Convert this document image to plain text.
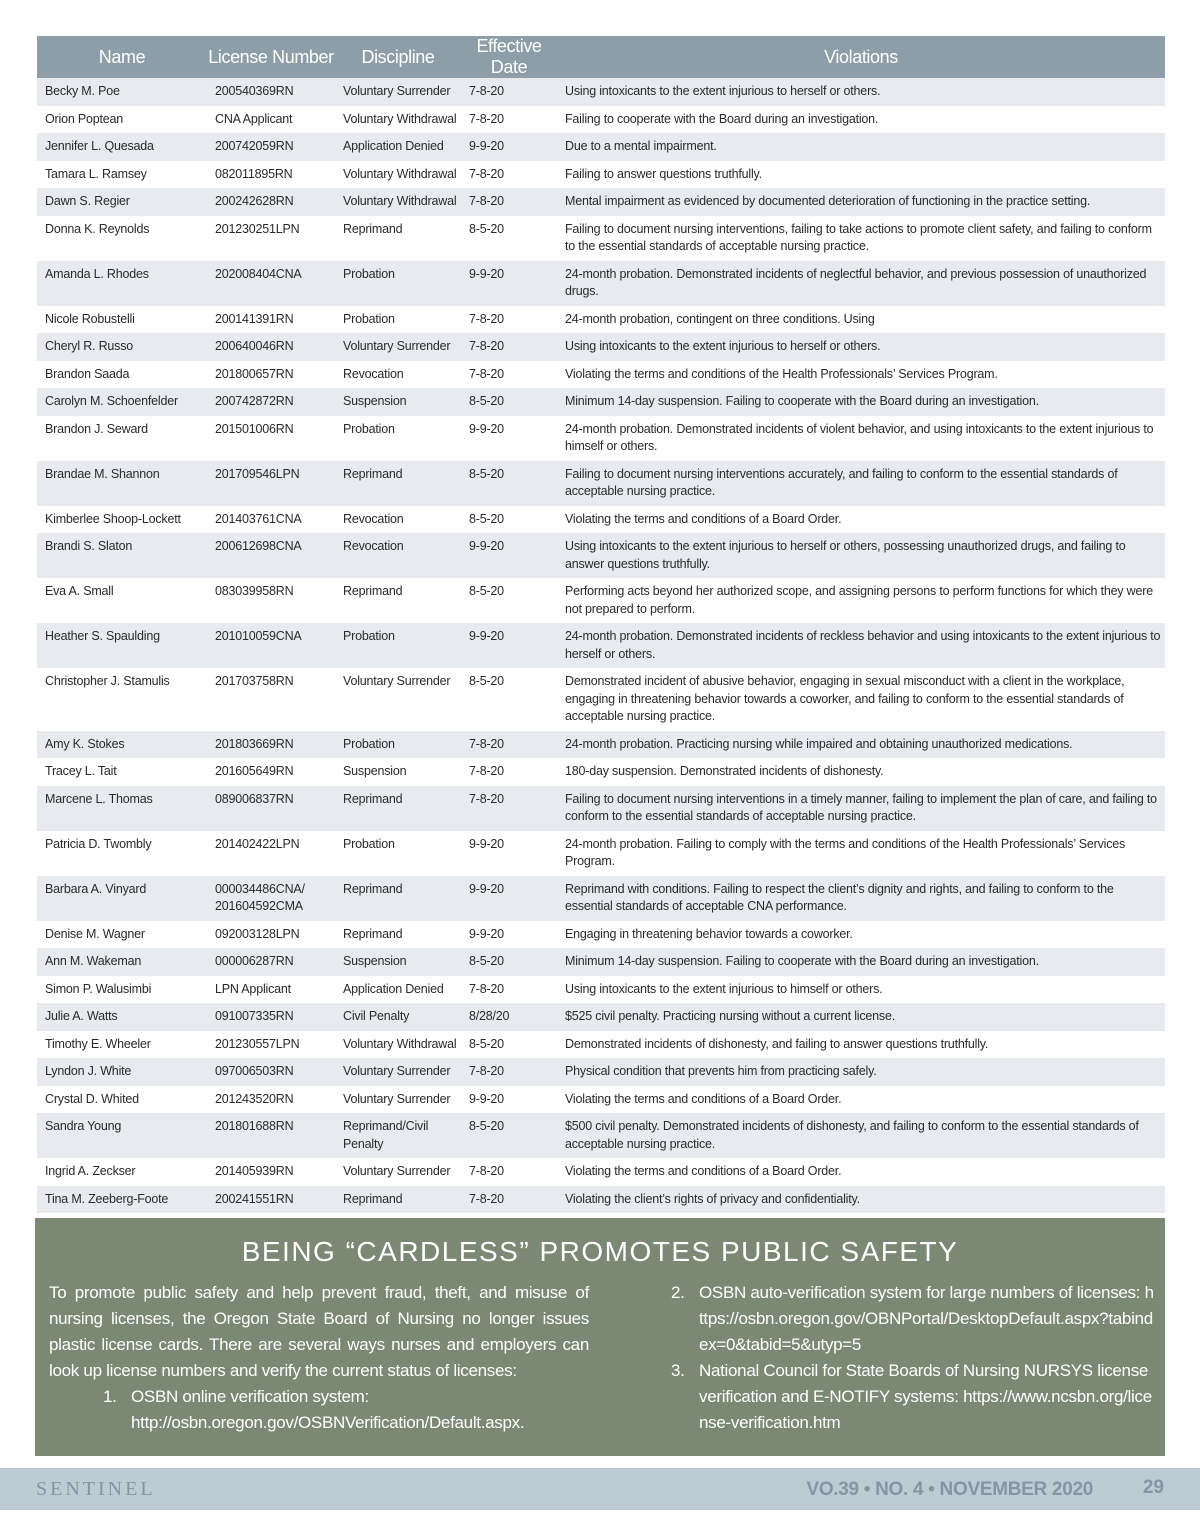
Name	License Number	Discipline	Effective Date	Violations
Becky M. Poe	200540369RN	Voluntary Surrender	7-8-20	Using intoxicants to the extent injurious to herself or others.
Orion Poptean	CNA Applicant	Voluntary Withdrawal	7-8-20	Failing to cooperate with the Board during an investigation.
Jennifer L. Quesada	200742059RN	Application Denied	9-9-20	Due to a mental impairment.
Tamara L. Ramsey	082011895RN	Voluntary Withdrawal	7-8-20	Failing to answer questions truthfully.
Dawn S. Regier	200242628RN	Voluntary Withdrawal	7-8-20	Mental impairment as evidenced by documented deterioration of functioning in the practice setting.
Donna K. Reynolds	201230251LPN	Reprimand	8-5-20	Failing to document nursing interventions, failing to take actions to promote client safety, and failing to conform to the essential standards of acceptable nursing practice.
Amanda L. Rhodes	202008404CNA	Probation	9-9-20	24-month probation. Demonstrated incidents of neglectful behavior, and previous possession of unauthorized drugs.
Nicole Robustelli	200141391RN	Probation	7-8-20	24-month probation, contingent on three conditions. Using
Cheryl R. Russo	200640046RN	Voluntary Surrender	7-8-20	Using intoxicants to the extent injurious to herself or others.
Brandon Saada	201800657RN	Revocation	7-8-20	Violating the terms and conditions of the Health Professionals’ Services Program.
Carolyn M. Schoenfelder	200742872RN	Suspension	8-5-20	Minimum 14-day suspension. Failing to cooperate with the Board during an investigation.
Brandon J. Seward	201501006RN	Probation	9-9-20	24-month probation. Demonstrated incidents of violent behavior, and using intoxicants to the extent injurious to himself or others.
Brandae M. Shannon	201709546LPN	Reprimand	8-5-20	Failing to document nursing interventions accurately, and failing to conform to the essential standards of acceptable nursing practice.
Kimberlee Shoop-Lockett	201403761CNA	Revocation	8-5-20	Violating the terms and conditions of a Board Order.
Brandi S. Slaton	200612698CNA	Revocation	9-9-20	Using intoxicants to the extent injurious to herself or others, possessing unauthorized drugs, and failing to answer questions truthfully.
Eva A. Small	083039958RN	Reprimand	8-5-20	Performing acts beyond her authorized scope, and assigning persons to perform functions for which they were not prepared to perform.
Heather S. Spaulding	201010059CNA	Probation	9-9-20	24-month probation. Demonstrated incidents of reckless behavior and using intoxicants to the extent injurious to herself or others.
Christopher J. Stamulis	201703758RN	Voluntary Surrender	8-5-20	Demonstrated incident of abusive behavior, engaging in sexual misconduct with a client in the workplace, engaging in threatening behavior towards a coworker, and failing to conform to the essential standards of acceptable nursing practice.
Amy K. Stokes	201803669RN	Probation	7-8-20	24-month probation. Practicing nursing while impaired and obtaining unauthorized medications.
Tracey L. Tait	201605649RN	Suspension	7-8-20	180-day suspension. Demonstrated incidents of dishonesty.
Marcene L. Thomas	089006837RN	Reprimand	7-8-20	Failing to document nursing interventions in a timely manner, failing to implement the plan of care, and failing to conform to the essential standards of acceptable nursing practice.
Patricia D. Twombly	201402422LPN	Probation	9-9-20	24-month probation. Failing to comply with the terms and conditions of the Health Professionals’ Services Program.
Barbara A. Vinyard	000034486CNA/ 201604592CMA	Reprimand	9-9-20	Reprimand with conditions. Failing to respect the client’s dignity and rights, and failing to conform to the essential standards of acceptable CNA performance.
Denise M. Wagner	092003128LPN	Reprimand	9-9-20	Engaging in threatening behavior towards a coworker.
Ann M. Wakeman	000006287RN	Suspension	8-5-20	Minimum 14-day suspension. Failing to cooperate with the Board during an investigation.
Simon P. Walusimbi	LPN Applicant	Application Denied	7-8-20	Using intoxicants to the extent injurious to himself or others.
Julie A. Watts	091007335RN	Civil Penalty	8/28/20	$525 civil penalty. Practicing nursing without a current license.
Timothy E. Wheeler	201230557LPN	Voluntary Withdrawal	8-5-20	Demonstrated incidents of dishonesty, and failing to answer questions truthfully.
Lyndon J. White	097006503RN	Voluntary Surrender	7-8-20	Physical condition that prevents him from practicing safely.
Crystal D. Whited	201243520RN	Voluntary Surrender	9-9-20	Violating the terms and conditions of a Board Order.
Sandra Young	201801688RN	Reprimand/Civil Penalty	8-5-20	$500 civil penalty. Demonstrated incidents of dishonesty, and failing to conform to the essential standards of acceptable nursing practice.
Ingrid A. Zeckser	201405939RN	Voluntary Surrender	7-8-20	Violating the terms and conditions of a Board Order.
Tina M. Zeeberg-Foote	200241551RN	Reprimand	7-8-20	Violating the client’s rights of privacy and confidentiality.
BEING “CARDLESS” PROMOTES PUBLIC SAFETY
To promote public safety and help prevent fraud, theft, and misuse of nursing licenses, the Oregon State Board of Nursing no longer issues plastic license cards. There are several ways nurses and employers can look up license numbers and verify the current status of licenses:
1. OSBN online verification system:
http://osbn.oregon.gov/OSBNVerification/Default.aspx.
2. OSBN auto-verification system for large numbers of licenses: https://osbn.oregon.gov/OBNPortal/DesktopDefault.aspx?tabindex=0&tabid=5&utyp=5
3. National Council for State Boards of Nursing NURSYS license verification and E-NOTIFY systems: https://www.ncsbn.org/license-verification.htm
SENTINEL	VO.39 • NO. 4 • NOVEMBER 2020	29
